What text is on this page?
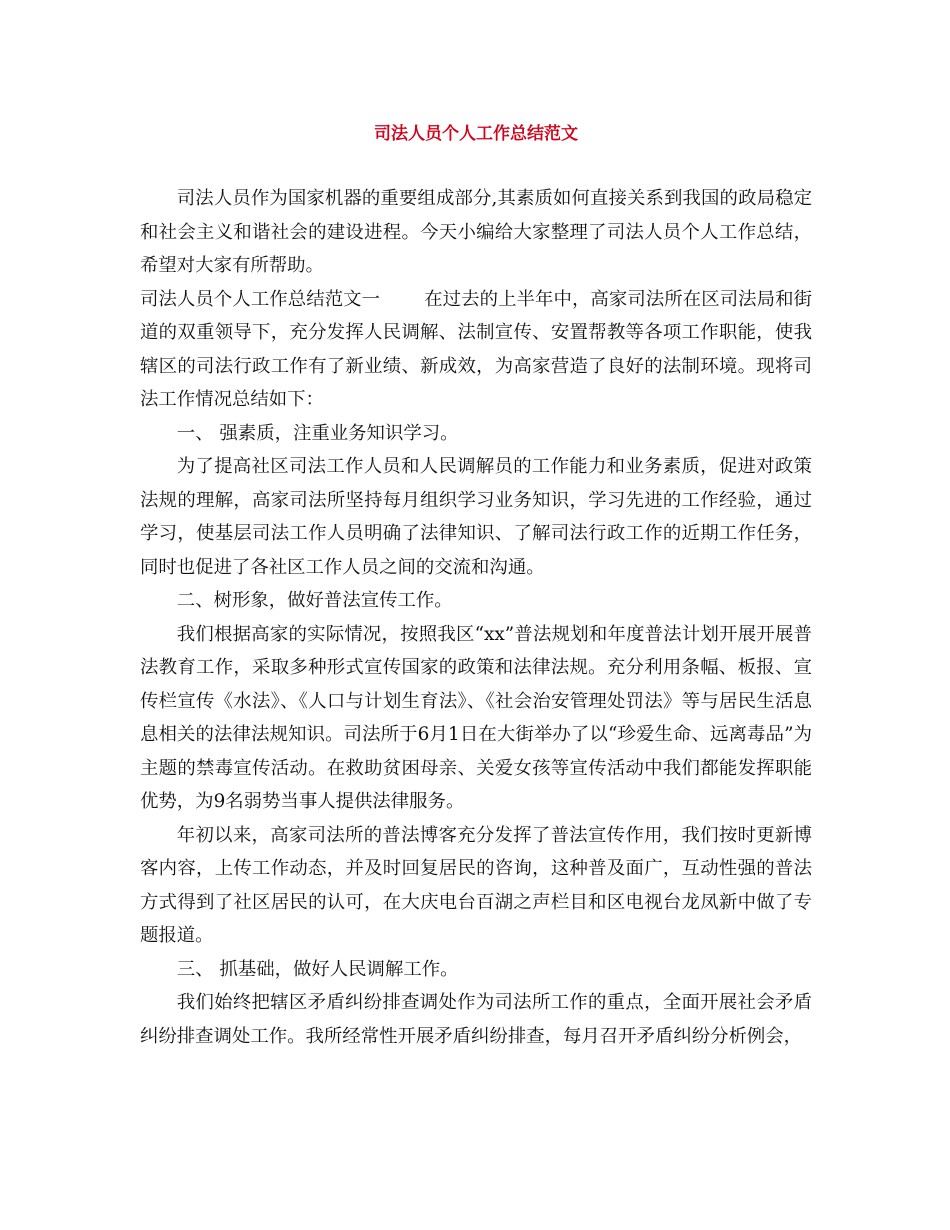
司法人员个人工作总结范文

司法人员作为国家机器的重要组成部分,其素质如何直接关系到我国的政局稳定和社会主义和谐社会的建设进程。今天小编给大家整理了司法人员个人工作总结，希望对大家有所帮助。

司法人员个人工作总结范文一 在过去的上半年中，高家司法所在区司法局和街道的双重领导下，充分发挥人民调解、法制宣传、安置帮教等各项工作职能，使我辖区的司法行政工作有了新业绩、新成效，为高家营造了良好的法制环境。现将司法工作情况总结如下：

一、 强素质，注重业务知识学习。

为了提高社区司法工作人员和人民调解员的工作能力和业务素质，促进对政策法规的理解，高家司法所坚持每月组织学习业务知识，学习先进的工作经验，通过学习，使基层司法工作人员明确了法律知识、了解司法行政工作的近期工作任务，同时也促进了各社区工作人员之间的交流和沟通。

二、树形象，做好普法宣传工作。

我们根据高家的实际情况，按照我区“xx”普法规划和年度普法计划开展开展普法教育工作，采取多种形式宣传国家的政策和法律法规。充分利用条幅、板报、宣传栏宣传《水法》、《人口与计划生育法》、《社会治安管理处罚法》等与居民生活息息相关的法律法规知识。司法所于6月1日在大街举办了以“珍爱生命、远离毒品”为主题的禁毒宣传活动。在救助贫困母亲、关爱女孩等宣传活动中我们都能发挥职能优势，为9名弱势当事人提供法律服务。

年初以来，高家司法所的普法博客充分发挥了普法宣传作用，我们按时更新博客内容，上传工作动态，并及时回复居民的咨询，这种普及面广，互动性强的普法方式得到了社区居民的认可，在大庆电台百湖之声栏目和区电视台龙凤新中做了专题报道。

三、 抓基础，做好人民调解工作。

我们始终把辖区矛盾纠纷排查调处作为司法所工作的重点，全面开展社会矛盾纠纷排查调处工作。我所经常性开展矛盾纠纷排查，每月召开矛盾纠纷分析例会，
